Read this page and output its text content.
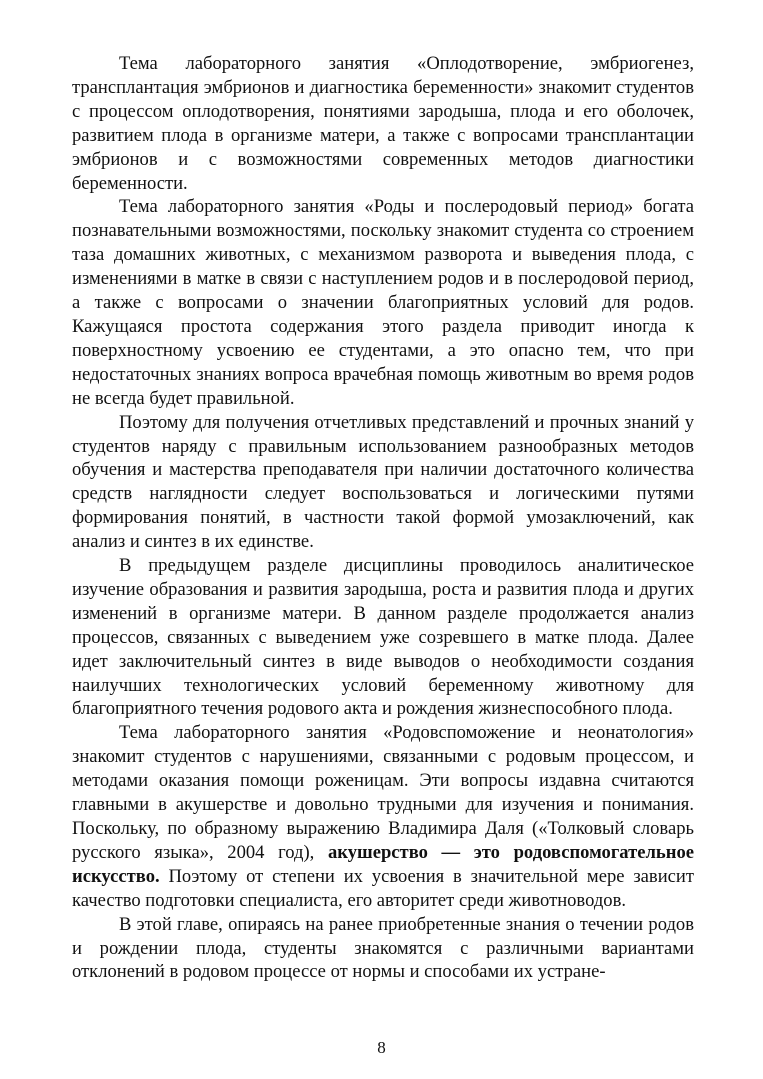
Тема лабораторного занятия «Оплодотворение, эмбриогенез, трансплантация эмбрионов и диагностика беременности» знакомит студентов с процессом оплодотворения, понятиями зародыша, плода и его оболочек, развитием плода в организме матери, а также с вопросами трансплантации эмбрионов и с возможностями современных методов диагностики беременности.

Тема лабораторного занятия «Роды и послеродовый период» богата познавательными возможностями, поскольку знакомит студента со строением таза домашних животных, с механизмом разворота и выведения плода, с изменениями в матке в связи с наступлением родов и в послеродовой период, а также с вопросами о значении благоприятных условий для родов. Кажущаяся простота содержания этого раздела приводит иногда к поверхностному усвоению ее студентами, а это опасно тем, что при недостаточных знаниях вопроса врачебная помощь животным во время родов не всегда будет правильной.

Поэтому для получения отчетливых представлений и прочных знаний у студентов наряду с правильным использованием разнообразных методов обучения и мастерства преподавателя при наличии достаточного количества средств наглядности следует воспользоваться и логическими путями формирования понятий, в частности такой формой умозаключений, как анализ и синтез в их единстве.

В предыдущем разделе дисциплины проводилось аналитическое изучение образования и развития зародыша, роста и развития плода и других изменений в организме матери. В данном разделе продолжается анализ процессов, связанных с выведением уже созревшего в матке плода. Далее идет заключительный синтез в виде выводов о необходимости создания наилучших технологических условий беременному животному для благоприятного течения родового акта и рождения жизнеспособного плода.

Тема лабораторного занятия «Родовспоможение и неонатология» знакомит студентов с нарушениями, связанными с родовым процессом, и методами оказания помощи роженицам. Эти вопросы издавна считаются главными в акушерстве и довольно трудными для изучения и понимания. Поскольку, по образному выражению Владимира Даля («Толковый словарь русского языка», 2004 год), акушерство — это родовспомогательное искусство. Поэтому от степени их усвоения в значительной мере зависит качество подготовки специалиста, его авторитет среди животноводов.

В этой главе, опираясь на ранее приобретенные знания о течении родов и рождении плода, студенты знакомятся с различными вариантами отклонений в родовом процессе от нормы и способами их устране-

8
